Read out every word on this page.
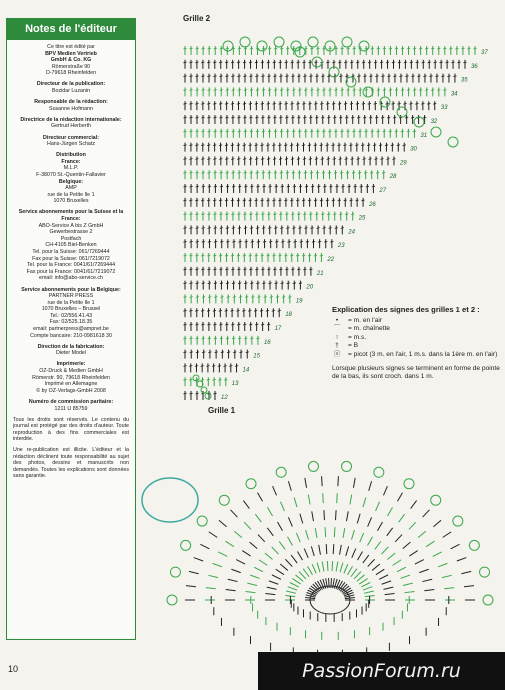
Notes de l'éditeur
Ce titre est édité par
BPV Medien Vertrieb
GmbH & Co. KG
Römerstraße 90
D-79618 Rheinfelden
Directeur de la publication:
Bozidar Luzanin
Responsable de la rédaction:
Susanne Hofmann
Directrice de la rédaction internationale:
Gertrud Herberth
Directeur commercial:
Hans-Jürgen Schatz
Distribution
France:
M.L.P.
F-38070 St.-Quentin-Fallavier
Belgique:
AMP
rue de la Petite Ile 1
1070 Bruxelles
Service abonnements pour la Suisse et la France:
ABO-Service A bis Z GmbH
Gewerbestrasse 2
Postfach
CH-4105 Biel-Benken
Tel. pour la Suisse: 061/7269444
Fax pour la Suisse: 061/7219072
Tel. pour la France: 0041/61/7269444
Fax pour la France: 0041/61/7219072
email: info@abo-service.ch
Service abonnements pour la Belgique:
PARTNER PRESS
rue de la Petite Ile 1
1070 Bruxelles – Brussel
Tel.: 02/556.41.43
Fax: 02/525.18.35
email: partnerpress@ampnet.be
Compte bancaire: 210-0981618 30
Direction de la fabrication:
Dieter Model
Imprimerie:
OZ-Druck & Medien GmbH
Römerstr. 90, 79618 Rheinfelden
Imprimé en Allemagne
© by OZ-Verlags-GmbH 2008
Numéro de commission paritaire:
1211 U 85759
Tous les droits sont réservés. Le contenu du journal est protégé par des droits d'auteur. Toute reproduction à des fins commerciales est interdite.
Une re-publication est illicite. L'éditeur et la rédaction déclinent toute responsabilité au sujet des photos, dessins et manuscrits non demandés. Toutes les explications sont données sans garantie.
Grille 2
Grille 1
12
13
14
15
16
17
18
19
20
21
22
23
24
25
26
27
28
29
30
31
32
33
34
35
36
37
Explication des signes des grilles 1 et 2 :
•	= m. en l'air
⌒ = m. chaînette
↑	= m.s.
†	= B
ⓞ = picot (3 m. en l'air, 1 m.s. dans la 1ère m. en l'air)
Lorsque plusieurs signes se terminent en forme de pointe de la bas, ils sont croch. dans 1 m.
10	PassionForum.ru
